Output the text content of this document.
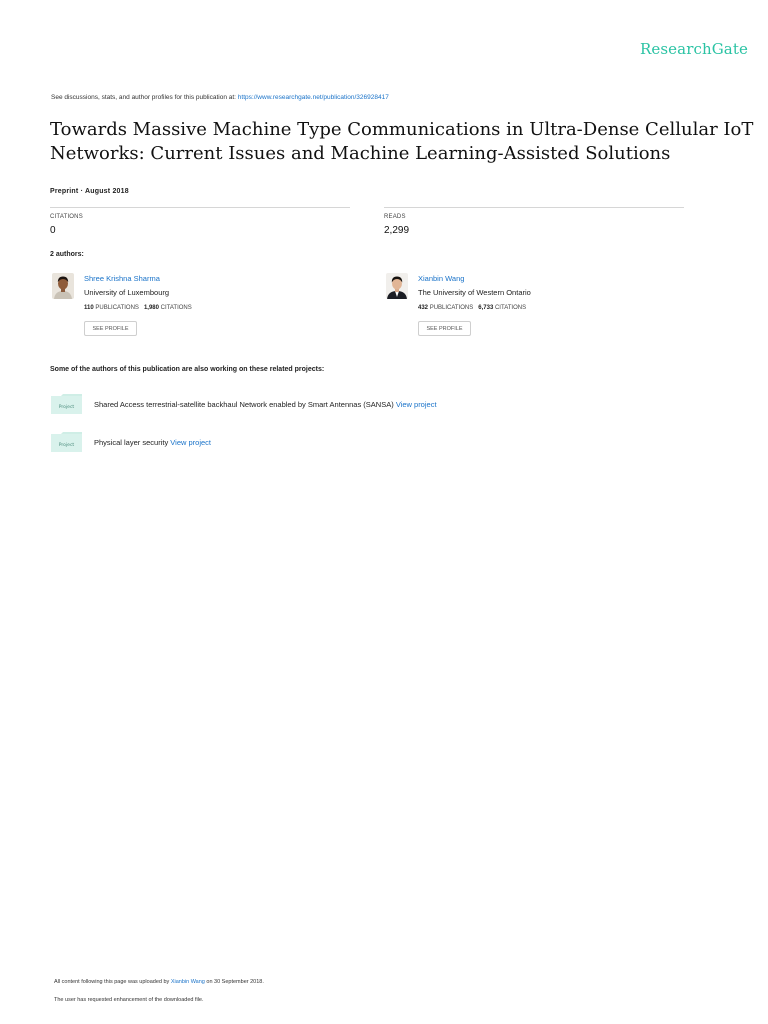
ResearchGate
See discussions, stats, and author profiles for this publication at: https://www.researchgate.net/publication/326928417
Towards Massive Machine Type Communications in Ultra-Dense Cellular IoT
Networks: Current Issues and Machine Learning-Assisted Solutions
Preprint · August 2018
CITATIONS
0
READS
2,299
2 authors:
Shree Krishna Sharma
University of Luxembourg
110 PUBLICATIONS 1,980 CITATIONS
SEE PROFILE
Xianbin Wang
The University of Western Ontario
432 PUBLICATIONS 6,733 CITATIONS
SEE PROFILE
Some of the authors of this publication are also working on these related projects:
Project	Shared Access terrestrial-satellite backhaul Network enabled by Smart Antennas (SANSA) View project
Project	Physical layer security View project
All content following this page was uploaded by Xianbin Wang on 30 September 2018.
The user has requested enhancement of the downloaded file.
